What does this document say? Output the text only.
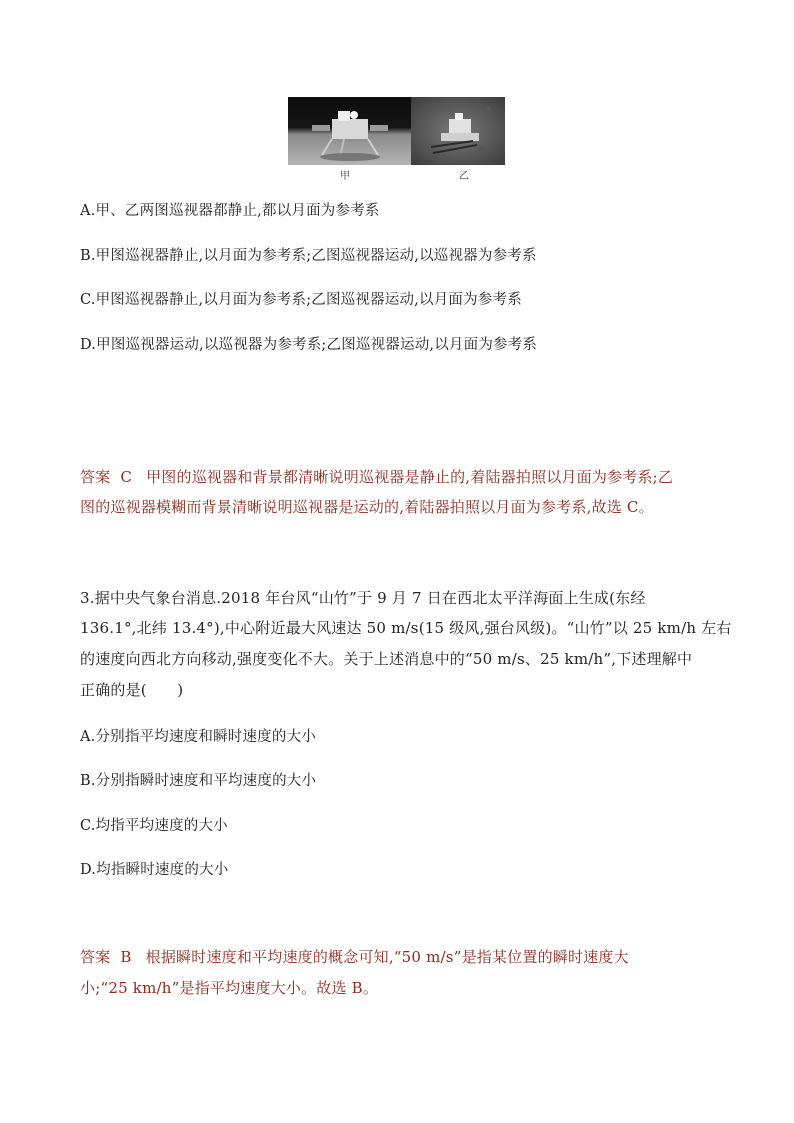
甲	乙
A.甲、乙两图巡视器都静止,都以月面为参考系
B.甲图巡视器静止,以月面为参考系;乙图巡视器运动,以巡视器为参考系
C.甲图巡视器静止,以月面为参考系;乙图巡视器运动,以月面为参考系
D.甲图巡视器运动,以巡视器为参考系;乙图巡视器运动,以月面为参考系
答案 C 甲图的巡视器和背景都清晰说明巡视器是静止的,着陆器拍照以月面为参考系;乙
图的巡视器模糊而背景清晰说明巡视器是运动的,着陆器拍照以月面为参考系,故选 C。
3.据中央气象台消息.2018 年台风“山竹”于 9 月 7 日在西北太平洋海面上生成(东经
136.1°,北纬 13.4°),中心附近最大风速达 50 m/s(15 级风,强台风级)。“山竹”以 25 km/h 左右
的速度向西北方向移动,强度变化不大。关于上述消息中的“50 m/s、25 km/h”,下述理解中
正确的是(　　)
A.分别指平均速度和瞬时速度的大小
B.分别指瞬时速度和平均速度的大小
C.均指平均速度的大小
D.均指瞬时速度的大小
答案 B 根据瞬时速度和平均速度的概念可知,“50 m/s”是指某位置的瞬时速度大
小;“25 km/h”是指平均速度大小。故选 B。
